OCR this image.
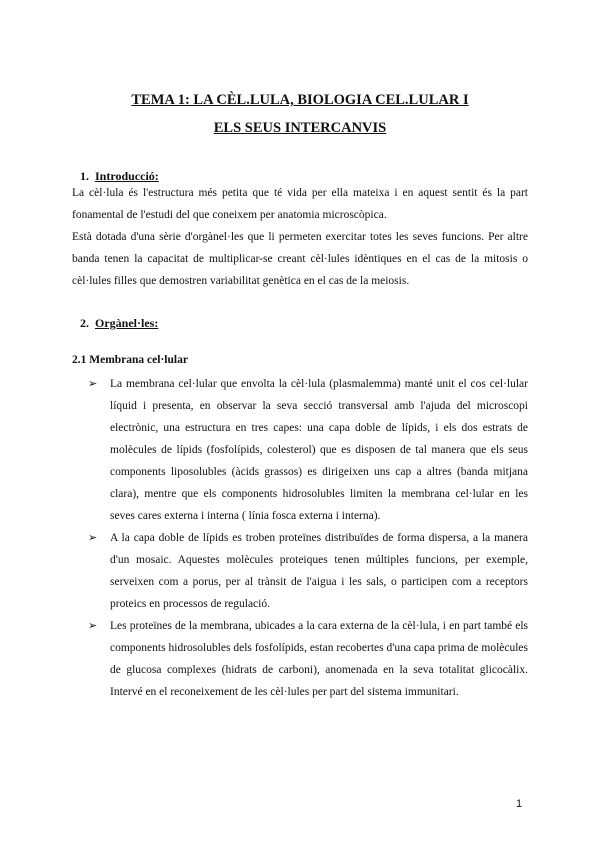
TEMA 1: LA CÈL.LULA, BIOLOGIA CEL.LULAR I
ELS SEUS INTERCANVIS
1. Introducció:

La cèl·lula és l'estructura més petita que té vida per ella mateixa i en aquest sentit és la part fonamental de l'estudi del que coneixem per anatomia microscòpica.

Està dotada d'una sèrie d'orgànel·les que li permeten exercitar totes les seves funcions. Per altre banda tenen la capacitat de multiplicar-se creant cèl·lules idèntiques en el cas de la mitosis o cèl·lules filles que demostren variabilitat genètica en el cas de la meiosis.

2. Orgànel·les:
2.1 Membrana cel·lular
➢ La membrana cel·lular que envolta la cèl·lula (plasmalemma) manté unit el cos cel·lular líquid i presenta, en observar la seva secció transversal amb l'ajuda del microscopi electrònic, una estructura en tres capes: una capa doble de lípids, i els dos estrats de molècules de lípids (fosfolípids, colesterol) que es disposen de tal manera que els seus components liposolubles (àcids grassos) es dirigeixen uns cap a altres (banda mitjana clara), mentre que els components hidrosolubles limiten la membrana cel·lular en les seves cares externa i interna ( línia fosca externa i interna).
➢ A la capa doble de lípids es troben proteïnes distribuïdes de forma dispersa, a la manera d'un mosaic. Aquestes molècules proteiques tenen múltiples funcions, per exemple, serveixen com a porus, per al trànsit de l'aigua i les sals, o participen com a receptors proteics en processos de regulació.
➢ Les proteïnes de la membrana, ubicades a la cara externa de la cèl·lula, i en part també els components hidrosolubles dels fosfolípids, estan recobertes d'una capa prima de molècules de glucosa complexes (hidrats de carboni), anomenada en la seva totalitat glicocàlix. Intervé en el reconeixement de les cèl·lules per part del sistema immunitari.
1
